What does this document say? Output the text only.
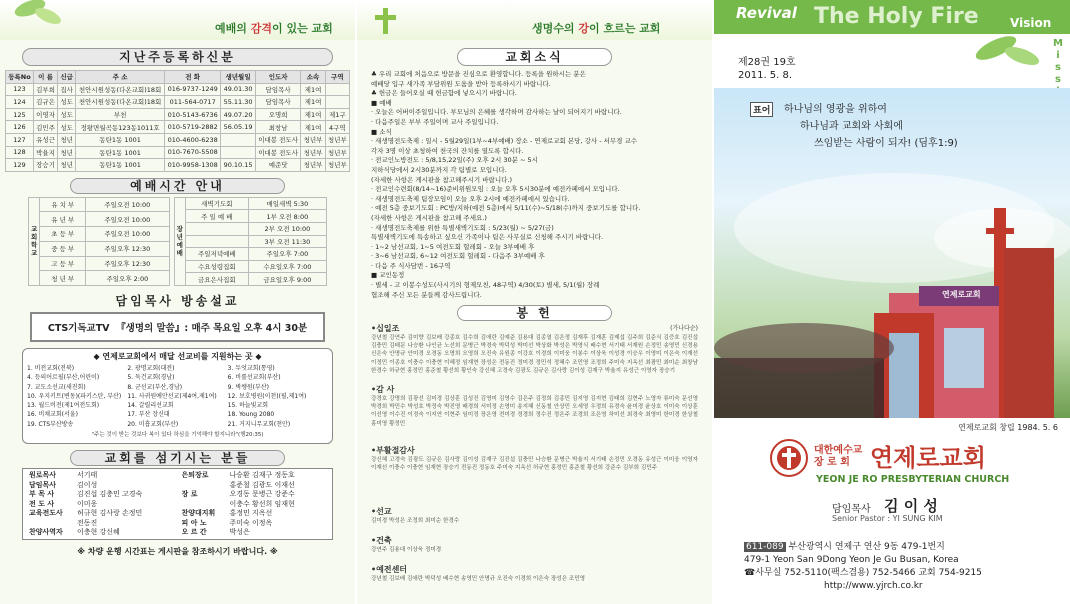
예배의 감격이 있는 교회
지난주등록하신분
등록No	이 름	신급	주 소	전 화	생년월일	인도자	소속	구역
123	김부희	집사	천안시원성동(다온교회)18회	016-9737-1249	49.01.30	담임목사	제1여	
124	김규은	성도	천안시원성동(다온교회)18회	011-564-0717	55.11.30	담임목사	제1여	
125	이영자	성도	부천	010-5143-6736	49.07.20	오명희	제1여	제1구
126	김민주	성도	정왕면월곡동123동1011호	010-5719-2882	56.05.19	최창남	제1여	4구역
127	유성근	청년	동탄1동 1001	010-4600-6238		이대봉 전도사	청년부	청년부
128	박율지	청년	동탄1동 1001	010-7670-5508		이대봉 전도사	청년부	청년부
129	장승기	청년	동탄1동 1001	010-9958-1308	90.10.15	예준닷	청년부	청년부
예배시간 안내
교회학교	유 치 부	주일오전 10:00
	유 년 부	주일오전 10:00
	초 등 부	주일오전 10:00
	중 등 부	주일오후 12:30
	고 등 부	주일오후 12:30
	청 년 부	주일오후 2:00
장년예배	새벽기도회	매일새벽 5:30
	주 일 예 배	1부 오전 8:00
		2부 오전 10:00
		3부 오전 11:30
	주일저녁예배	주일오후 7:00
	수요성령집회	수요일오후 7:00
	금요은사집회	금요일오후 9:00
담임목사 방송설교
CTS기독교TV
『생명의 말씀』: 매주 목요일 오후 4시 30분
◆ 연제로교회에서 매달 선교비를 지원하는 곳 ◆
1. 비전교회(전북)	2. 광명교회(대전)	3. 두엇교회(통영)
4. 등의어르필(부산,어린이)	5. 둑건교회(경남)	6. 비룰선교회(부산)
7. 교도소선교(새진회)	8. 군선교(부산,경남)	9. 벽쌩원(부산)
10. 우지키트(변동)(파키스탄, 부산)	11. 사귀원예안선교(제4여,제1여)	12. 보호병원(이천)(필,제1여)
13. 월드비전(제1여전도회)	14. 갈릴리선교회	15. 하늘빛교회
16. 비채교회(서울)	17. 부산 장신대	18. Young 2080
19. CTS부산방송	20. 미흡교회(부산)	21. 거지니무교회(천안)
"주는 것이 받는 것보다 복이 있다 하심을 기억해야 할지니라"(행20:35)
교회를 섬기시는 분들
원로목사	서기태
담임목사	김이성
부 목 사	김진섭 김충민 고경숙
전 도 사	이미웅
교육전도사	허규현 김사랑 손정민
전동진
찬양사역자	이충현 강신혜
은퇴장로	나승환 김재구 정동호
홍준철 김광도 이재선
장 로	오경동 문병근 강준수
이충수 황선희 임재현
찬양대지휘	홍정민 지옥선
피 아 노	주미숙 이정옥
오 르 간	박성은
※ 차량 운행 시간표는 게시판을 참조하시기 바랍니다. ※
생명수의 강이 흐르는 교회
교회소식
♣ 우리 교회에 처음으로 방문을 진심으로 환영합니다. 등록을 원하시는 분은
예배당 입구 새가족 부담위원 도움을 받아 등록하시기 바랍니다.
♣ 헌금은 들어오실 때 헌금함에 넣으시기 바랍니다.
■ 예배
· 오늘은 어버이주일입니다. 부모님의 은혜를 생각하며 감사하는 날이 되어지기 바랍니다.
· 다음주일은 부부 주일이며 교사 주일입니다.
■ 소식
· 새생명전도축제 : 일시 - 5월29일(1부~4부예배) 장소 - 연제로교회 본당, 강사 - 서무경 교수
각자 3명 이상 초청하여 천국의 잔치를 열도록 합시다.
· 전교인노방전도 : 5/8,15,22일(주) 오후 2시 30분 ~ 5시
지하식당에서 2시30분까지 각 팀별로 모입니다.
(자세한 사항은 게시판을 참고해주시기 바랍니다.)
· 전교인수련회(8/14~16)준비위원모임 : 오늘 오후 5시30분에 예전카페에서 모입니다.
· 새생명전도축제 팀장모임이 오늘 오후 2시에 예전카페에서 있습니다.
· 예전 5층 중보기도회 : PC방/지하(예전 5층)에서 5/11(수)~5/18(수)까지 중보기도를 합니다.
(자세한 사항은 게시판을 참고해 주세요.)
· 새생명전도축제를 위한 특별새벽기도회 : 5/23(월) ~ 5/27(금)
특별새벽기도에 특송하고 싶으신 가족이나 팀은 사무실로 신청해 주시기 바랍니다.
· 1~2 남선교회, 1~5 여전도회 헐레회 - 오늘 3부예배 후
· 3~6 남선교회, 6~12 여전도회 헐레회 - 다음주 3부예배 후
· 다음 주 식사담번 - 16구역
■ 교인동정
· 별세 - 고 이봉수성도(사시기의 형제모친, 48구역) 4/30(토) 별세, 5/1(월) 장례
협조해 주신 모든 분들께 감사드립니다.
봉 헌
•십일조	(가나다순)
강년철 강연주 김미향 김보배 강종호 김수희 김애란 김예준 김용대 김종열 김은정 김재후 김재훈 김제섭 김주희 김준식 김증호 김진섭 김충민 김태문 나승환 나인균 노선희 문병근 박경숙 박덕성 박미선 박상화 박성은 박영식 배수현 서기태 서재원 손정민 송영민 신경용 신은숙 안명규 안미경 오경동 오명희 오영희 오진숙 유원종 이강호 이경희 이미웅 이봉수 이상욱 이성경 이승우 이영미 이은숙 이재선 이정민 이종호 이충수 이충현 이혜정 임재현 장성은 전동진 정미경 정민석 정혜수 조민영 조정희 주미숙 지옥선 최광민 최미순 최창남 한경수 허규현 홍정민 홍준철 황선희 황인숙 강신혜 고경숙 김광도 김규은 김사랑 김이성 김재구 박율지 유성근 이영자 장승기
•감 사
강경호 강명희 김광선 김미경 김상훈 김성진 김영미 김영수 김은주 김정희 김종민 김지영 김지현 김태희 김현주 노영자 류미숙 문선영 박경희 박민수 박성호 박정숙 박진영 배경희 서미정 손영미 송지혜 신동철 안상민 오세영 우정희 유경숙 윤미경 윤상호 이미숙 이상훈 이선영 이수진 이정숙 이지연 이현주 임미정 장은영 전미경 정경희 정수진 정은주 조경희 조은영 차미선 최경숙 최영미 한미경 한상철 홍미영 황정민
•부활절감사
강신혜 고경숙 김광도 김규은 김사랑 김이성 김재구 김진섭 김충민 나승환 문병근 박율지 서기태 손정민 오경동 유성근 이미웅 이영자 이재선 이충수 이충현 임재현 장승기 전동진 정동호 주미숙 지옥선 허규현 홍정민 홍준철 황선희 강준수 김부희 김민주
•선교
김미경 박성은 조정희 최미순 한경수
•건축
강연주 김용대 이상욱 정미경
•예전센터
강년철 김보배 김애란 박덕성 배수현 송영민 안명규 오진숙 이경희 이은숙 장성은 조민영
Revival The Holy Fire	Vision
M
i
s
s

제28권 19호
2011. 5. 8.
표어	하나님의 영광을 위하여
하나님과 교회와 사회에
쓰임받는 사람이 되자! (딤후1:9)
연제로교회
연제로교회 창립 1984. 5. 6
대한예수교
장 로 회 연제로교회
YEON JE RO PRESBYTERIAN CHURCH
담임목사 김 이 성
Senior Pastor : YI SUNG KIM
611-089 부산광역시 연제구 연산 9동 479-1번지
479-1 Yeon San 9Dong Yeon Je Gu Busan, Korea
☎사무실 752-5110(팩스겸용) 752-5466 교회 754-9215
http://www.yjrch.co.kr
